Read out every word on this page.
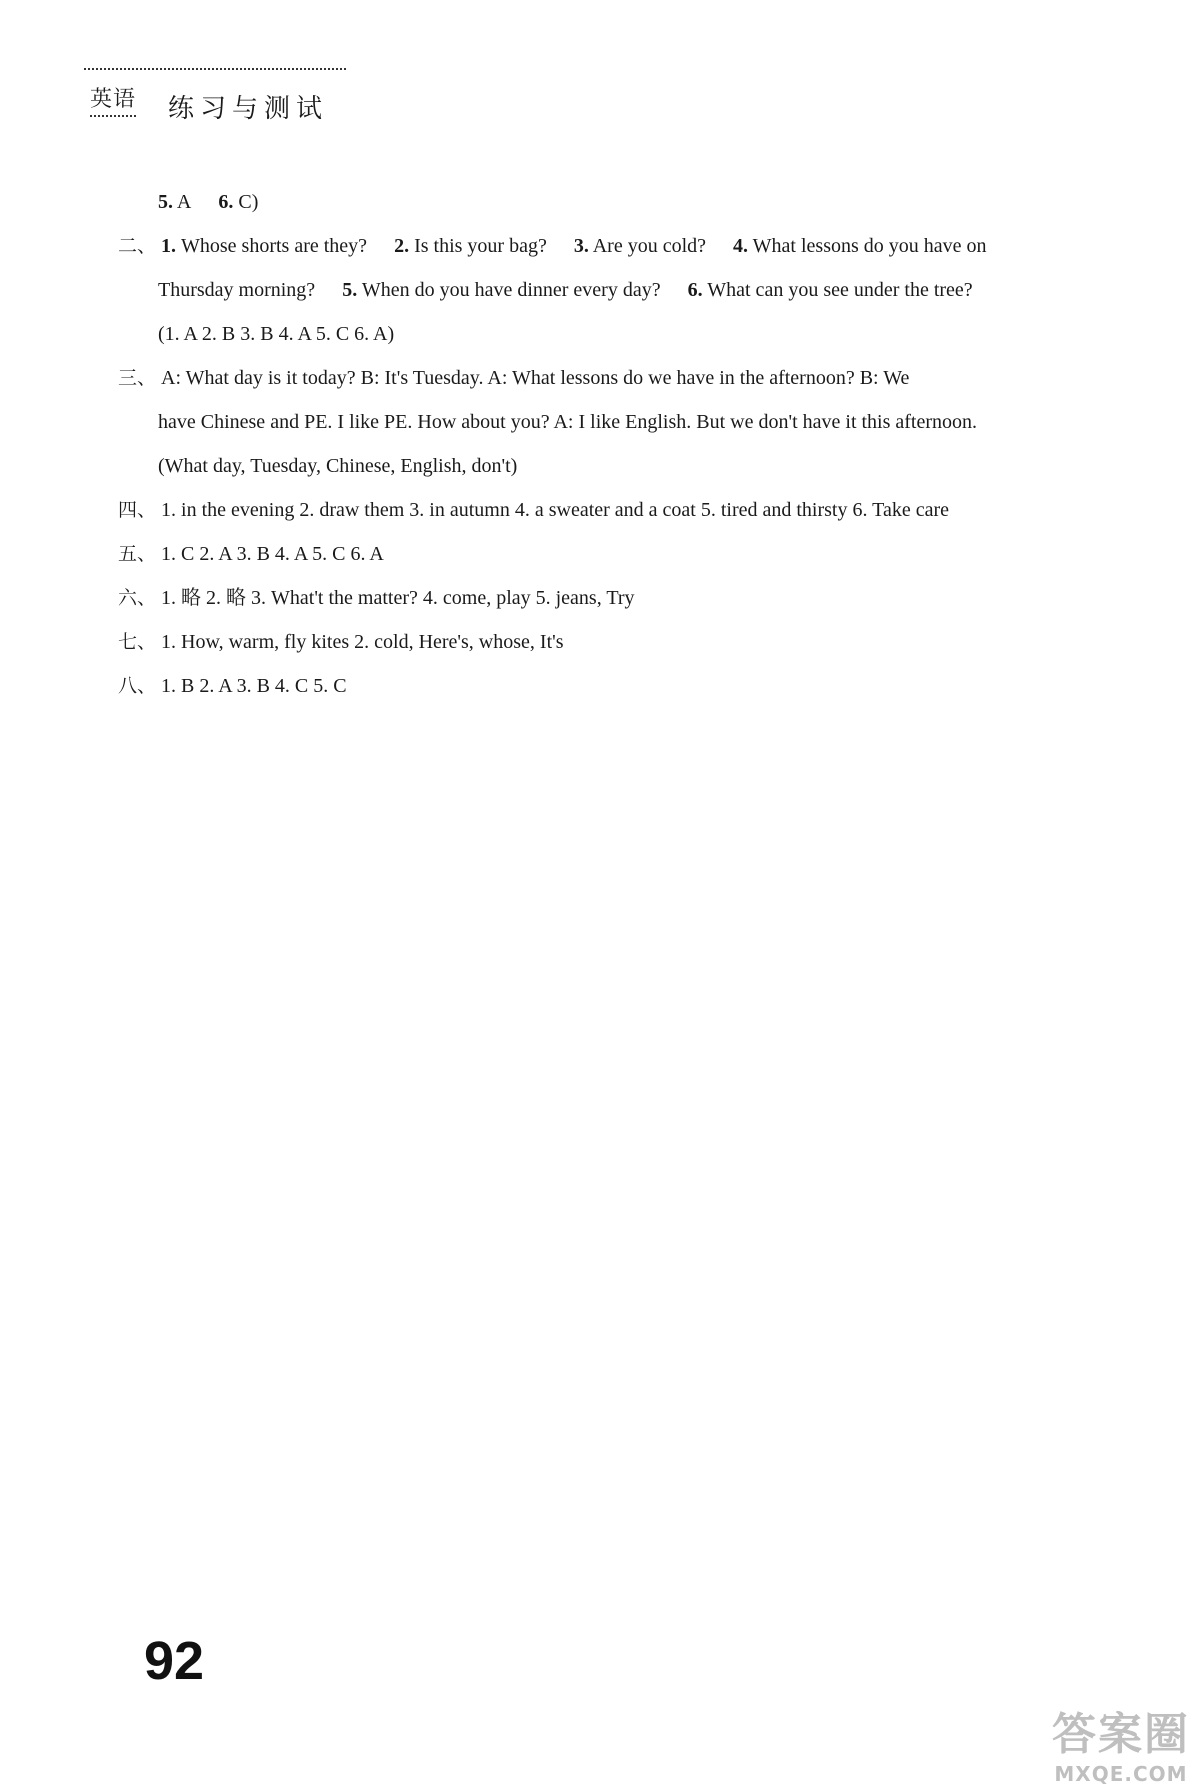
英语 练习与测试
5. A 6. C)
二、 1. Whose shorts are they? 2. Is this your bag? 3. Are you cold? 4. What lessons do you have on
Thursday morning? 5. When do you have dinner every day? 6. What can you see under the tree?
(1. A 2. B 3. B 4. A 5. C 6. A)
三、 A: What day is it today? B: It's Tuesday. A: What lessons do we have in the afternoon? B: We
have Chinese and PE. I like PE. How about you? A: I like English. But we don't have it this afternoon.
(What day, Tuesday, Chinese, English, don't)
四、 1. in the evening 2. draw them 3. in autumn 4. a sweater and a coat 5. tired and thirsty 6. Take care
五、 1. C 2. A 3. B 4. A 5. C 6. A
六、 1. 略 2. 略 3. What't the matter? 4. come, play 5. jeans, Try
七、 1. How, warm, fly kites 2. cold, Here's, whose, It's
八、 1. B 2. A 3. B 4. C 5. C
92
答案圈
MXQE.COM
